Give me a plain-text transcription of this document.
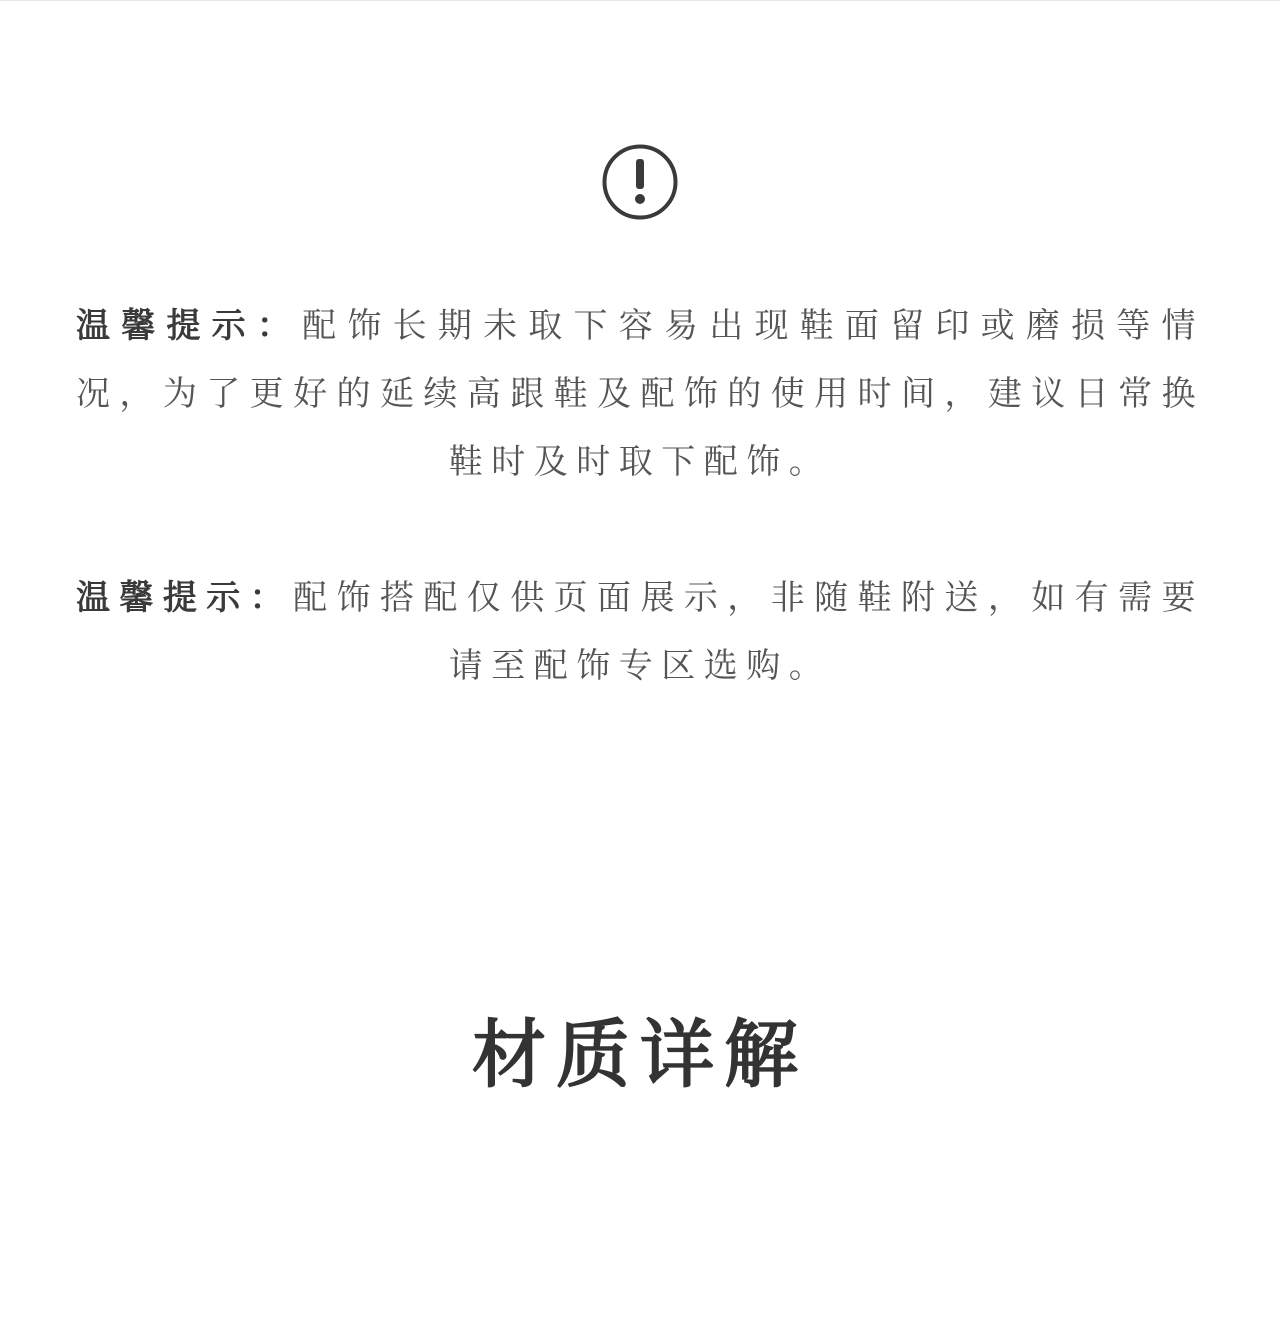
温馨提示：配饰长期未取下容易出现鞋面留印或磨损等情况，为了更好的延续高跟鞋及配饰的使用时间，建议日常换鞋时及时取下配饰。

温馨提示：配饰搭配仅供页面展示，非随鞋附送，如有需要请至配饰专区选购。

材质详解
